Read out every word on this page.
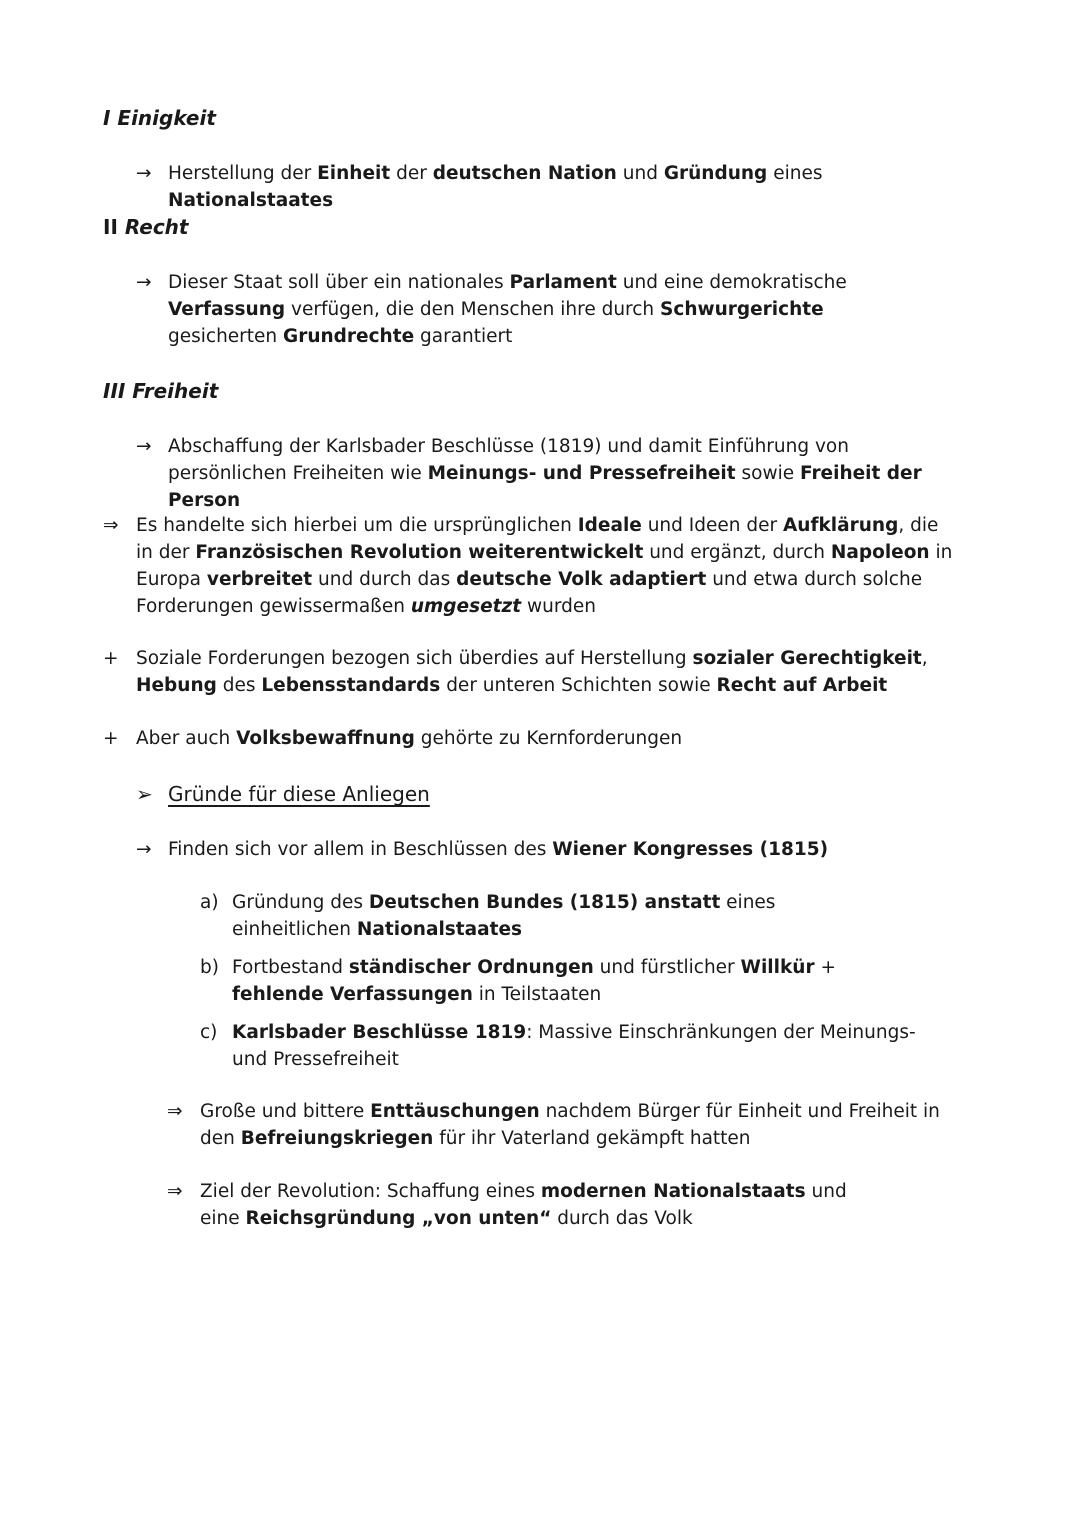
I Einigkeit
→ Herstellung der Einheit der deutschen Nation und Gründung eines Nationalstaates
II Recht
→ Dieser Staat soll über ein nationales Parlament und eine demokratische Verfassung verfügen, die den Menschen ihre durch Schwurgerichte gesicherten Grundrechte garantiert
III Freiheit
→ Abschaffung der Karlsbader Beschlüsse (1819) und damit Einführung von persönlichen Freiheiten wie Meinungs- und Pressefreiheit sowie Freiheit der Person
⇒ Es handelte sich hierbei um die ursprünglichen Ideale und Ideen der Aufklärung, die in der Französischen Revolution weiterentwickelt und ergänzt, durch Napoleon in Europa verbreitet und durch das deutsche Volk adaptiert und etwa durch solche Forderungen gewissermaßen umgesetzt wurden
+ Soziale Forderungen bezogen sich überdies auf Herstellung sozialer Gerechtigkeit, Hebung des Lebensstandards der unteren Schichten sowie Recht auf Arbeit
+ Aber auch Volksbewaffnung gehörte zu Kernforderungen
➢ Gründe für diese Anliegen
→ Finden sich vor allem in Beschlüssen des Wiener Kongresses (1815)
a) Gründung des Deutschen Bundes (1815) anstatt eines einheitlichen Nationalstaates
b) Fortbestand ständischer Ordnungen und fürstlicher Willkür + fehlende Verfassungen in Teilstaaten
c) Karlsbader Beschlüsse 1819: Massive Einschränkungen der Meinungs- und Pressefreiheit
⇒ Große und bittere Enttäuschungen nachdem Bürger für Einheit und Freiheit in den Befreiungskriegen für ihr Vaterland gekämpft hatten
⇒ Ziel der Revolution: Schaffung eines modernen Nationalstaats und eine Reichsgründung „von unten“ durch das Volk
